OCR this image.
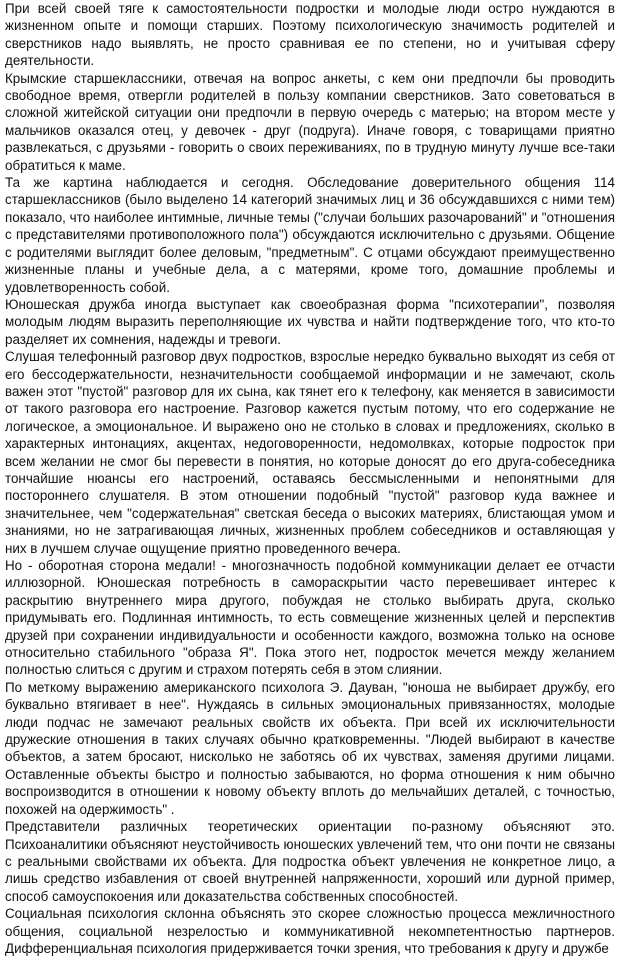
При всей своей тяге к самостоятельности подростки и молодые люди остро нуждаются в жизненном опыте и помощи старших. Поэтому психологическую значимость родителей и сверстников надо выявлять, не просто сравнивая ее по степени, но и учитывая сферу деятельности.

Крымские старшеклассники, отвечая на вопрос анкеты, с кем они предпочли бы проводить свободное время, отвергли родителей в пользу компании сверстников. Зато советоваться в сложной житейской ситуации они предпочли в первую очередь с матерью; на втором месте у мальчиков оказался отец, у девочек - друг (подруга). Иначе говоря, с товарищами приятно развлекаться, с друзьями - говорить о своих переживаниях, по в трудную минуту лучше все-таки обратиться к маме.

Та же картина наблюдается и сегодня. Обследование доверительного общения 114 старшеклассников (было выделено 14 категорий значимых лиц и 36 обсуждавшихся с ними тем) показало, что наиболее интимные, личные темы ("случаи больших разочарований" и "отношения с представителями противоположного пола") обсуждаются исключительно с друзьями. Общение с родителями выглядит более деловым, "предметным". С отцами обсуждают преимущественно жизненные планы и учебные дела, а с матерями, кроме того, домашние проблемы и удовлетворенность собой.

Юношеская дружба иногда выступает как своеобразная форма "психотерапии", позволяя молодым людям выразить переполняющие их чувства и найти подтверждение того, что кто-то разделяет их сомнения, надежды и тревоги.

Слушая телефонный разговор двух подростков, взрослые нередко буквально выходят из себя от его бессодержательности, незначительности сообщаемой информации и не замечают, сколь важен этот "пустой" разговор для их сына, как тянет его к телефону, как меняется в зависимости от такого разговора его настроение. Разговор кажется пустым потому, что его содержание не логическое, а эмоциональное. И выражено оно не столько в словах и предложениях, сколько в характерных интонациях, акцентах, недоговоренности, недомолвках, которые подросток при всем желании не смог бы перевести в понятия, но которые доносят до его друга-собеседника тончайшие нюансы его настроений, оставаясь бессмысленными и непонятными для постороннего слушателя. В этом отношении подобный "пустой" разговор куда важнее и значительнее, чем "содержательная" светская беседа о высоких материях, блистающая умом и знаниями, но не затрагивающая личных, жизненных проблем собеседников и оставляющая у них в лучшем случае ощущение приятно проведенного вечера.

Но - оборотная сторона медали! - многозначность подобной коммуникации делает ее отчасти иллюзорной. Юношеская потребность в самораскрытии часто перевешивает интерес к раскрытию внутреннего мира другого, побуждая не столько выбирать друга, сколько придумывать его. Подлинная интимность, то есть совмещение жизненных целей и перспектив друзей при сохранении индивидуальности и особенности каждого, возможна только на основе относительно стабильного "образа Я". Пока этого нет, подросток мечется между желанием полностью слиться с другим и страхом потерять себя в этом слиянии.

По меткому выражению американского психолога Э. Дауван, "юноша не выбирает дружбу, его буквально втягивает в нее". Нуждаясь в сильных эмоциональных привязанностях, молодые люди подчас не замечают реальных свойств их объекта. При всей их исключительности дружеские отношения в таких случаях обычно кратковременны. "Людей выбирают в качестве объектов, а затем бросают, нисколько не заботясь об их чувствах, заменяя другими лицами. Оставленные объекты быстро и полностью забываются, но форма отношения к ним обычно воспроизводится в отношении к новому объекту вплоть до мельчайших деталей, с точностью, похожей на одержимость" .

Представители различных теоретических ориентации по-разному объясняют это. Психоаналитики объясняют неустойчивость юношеских увлечений тем, что они почти не связаны с реальными свойствами их объекта. Для подростка объект увлечения не конкретное лицо, а лишь средство избавления от своей внутренней напряженности, хороший или дурной пример, способ самоуспокоения или доказательства собственных способностей.

Социальная психология склонна объяснять это скорее сложностью процесса межличностного общения, социальной незрелостью и коммуникативной некомпетентностью партнеров. Дифференциальная психология придерживается точки зрения, что требования к другу и дружбе
